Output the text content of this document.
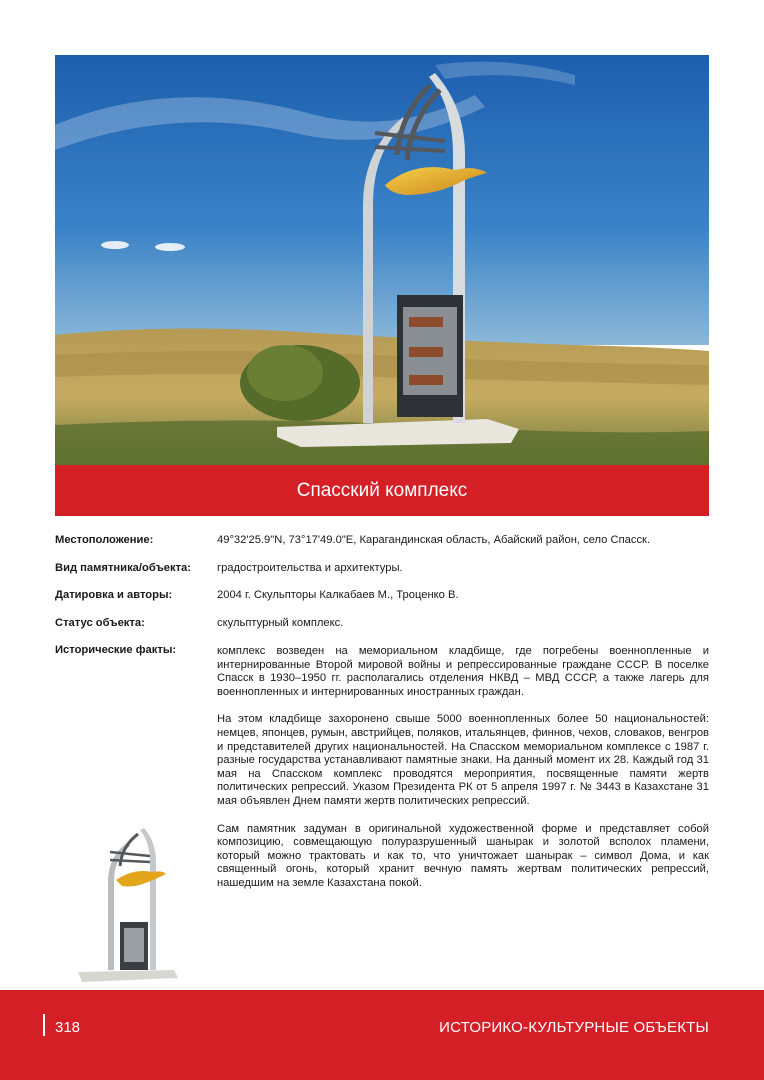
Спасский комплекс
Местоположение:	49°32'25.9"N, 73°17'49.0"E, Карагандинская область, Абайский район, село Спасск.
Вид памятника/объекта:	градостроительства и архитектуры.
Датировка и авторы:	2004 г. Скульпторы Калкабаев М., Троценко В.
Статус объекта:	скульптурный комплекс.
Исторические факты:	комплекс возведен на мемориальном кладбище, где погребены военнопленные и интернированные Второй мировой войны и репрессированные граждане СССР. В поселке Спасск в 1930–1950 гг. располагались отделения НКВД – МВД СССР, а также лагерь для военнопленных и интернированных иностранных граждан.

На этом кладбище захоронено свыше 5000 военнопленных более 50 национальностей: немцев, японцев, румын, австрийцев, поляков, итальянцев, финнов, чехов, словаков, венгров и представителей других национальностей. На Спасском мемориальном комплексе с 1987 г. разные государства устанавливают памятные знаки. На данный момент их 28. Каждый год 31 мая на Спасском комплекс проводятся мероприятия, посвященные памяти жертв политических репрессий. Указом Президента РК от 5 апреля 1997 г. № 3443 в Казахстане 31 мая объявлен Днем памяти жертв политических репрессий.

Сам памятник задуман в оригинальной художественной форме и представляет собой композицию, совмещающую полуразрушенный шанырак и золотой всполох пламени, который можно трактовать и как то, что уничтожает шанырак – символ Дома, и как священный огонь, который хранит вечную память жертвам политических репрессий, нашедшим на земле Казахстана покой.

318	ИСТОРИКО-КУЛЬТУРНЫЕ ОБЪЕКТЫ
